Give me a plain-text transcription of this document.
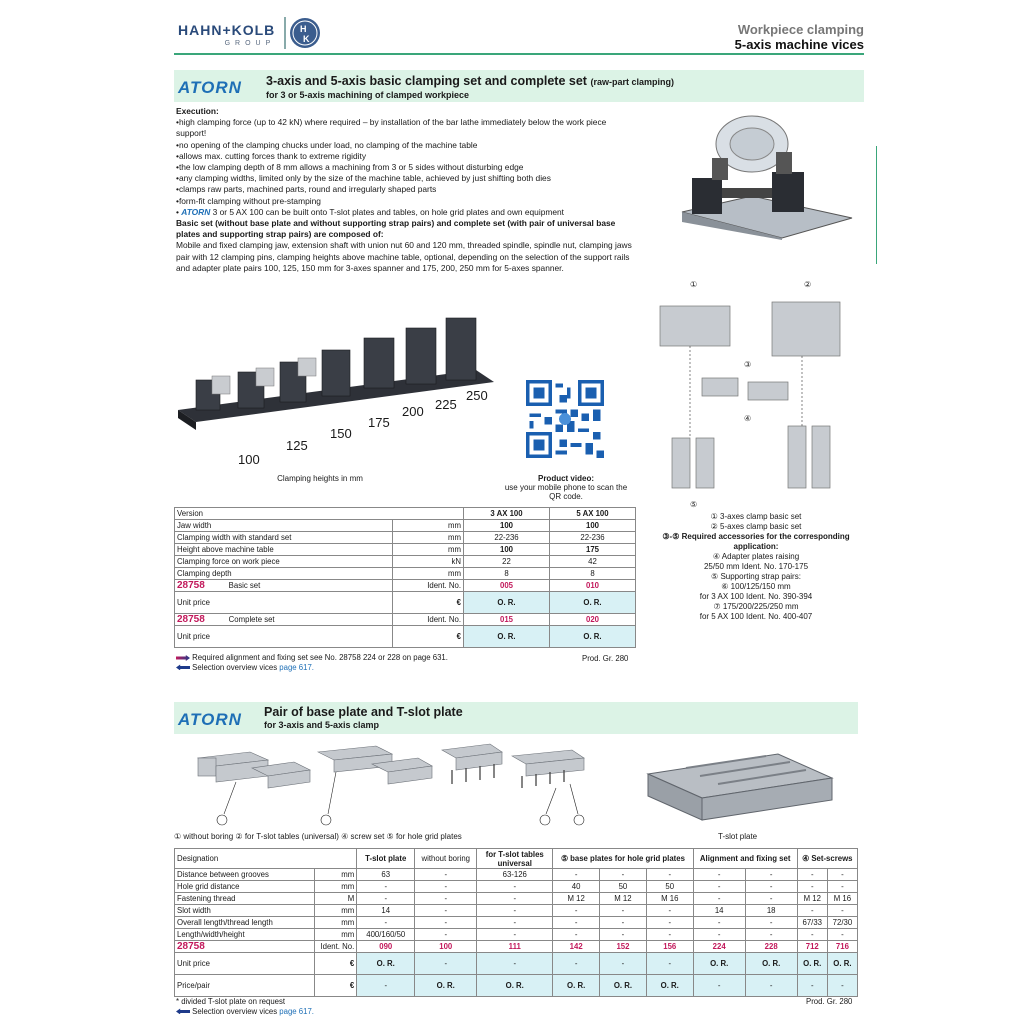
HAHN+KOLB
GROUP
H
K
Workpiece clamping
5-axis machine vices
ATORN 3-axis and 5-axis basic clamping set and complete set (raw-part clamping)
for 3 or 5-axis machining of clamped workpiece
Execution:
•high clamping force (up to 42 kN) where required – by installation of the bar lathe immediately below the work piece support!
•no opening of the clamping chucks under load, no clamping of the machine table
•allows max. cutting forces thank to extreme rigidity
•the low clamping depth of 8 mm allows a machining from 3 or 5 sides without disturbing edge
•any clamping widths, limited only by the size of the machine table, achieved by just shifting both dies
•clamps raw parts, machined parts, round and irregularly shaped parts
•form-fit clamping without pre-stamping
• ATORN 3 or 5 AX 100 can be built onto T-slot plates and tables, on hole grid plates and own equipment
Basic set (without base plate and without supporting strap pairs) and complete set (with pair of universal base plates and supporting strap pairs) are composed of:
Mobile and fixed clamping jaw, extension shaft with union nut 60 and 120 mm, threaded spindle, spindle nut, clamping jaws pair with 12 clamping pins, clamping heights above machine table, optional, depending on the selection of the support rails and adapter plate pairs 100, 125, 150 mm for 3-axes spanner and 175, 200, 250 mm for 5-axes spanner.
100
125
150
175
200 225
250
Clamping heights in mm	Product video:
use your mobile phone to scan the QR code.
①	②
③
④
⑤
① 3-axes clamp basic set
② 5-axes clamp basic set
③-⑤ Required accessories for the corresponding application:
④ Adapter plates raising
25/50 mm Ident. No. 170-175
⑤ Supporting strap pairs:
⑥ 100/125/150 mm
for 3 AX 100 Ident. No. 390-394
⑦ 175/200/225/250 mm
for 5 AX 100 Ident. No. 400-407
Version		3 AX 100	5 AX 100
Jaw width	mm	100	100
Clamping width with standard set	mm	22-236	22-236
Height above machine table	mm	100	175
Clamping force on work piece	kN	22	42
Clamping depth	mm	8	8
28758 Basic set	Ident. No.	005	010
Unit price	€	O. R.	O. R.
28758 Complete set	Ident. No.	015	020
Unit price	€	O. R.	O. R.
Required alignment and fixing set see No. 28758 224 or 228 on page 631.
Selection overview vices page 617.
Prod. Gr. 280
ATORN Pair of base plate and T-slot plate
for 3-axis and 5-axis clamp
① without boring ② for T-slot tables (universal) ④ screw set ⑤ for hole grid plates	T-slot plate
Designation		T-slot plate	without boring	for T-slot tables universal	⑤ base plates for hole grid plates			Alignment and fixing set		④ Set-screws	
Distance between grooves	mm	63	-	63-126	-	-	-	-	-	-	-
Hole grid distance	mm	-	-	-	40	50	50	-	-	-	-
Fastening thread	M	-	-	-	M 12	M 12	M 16	-	-	M 12	M 16
Slot width	mm	14	-	-	-	-	-	14	18	-	-
Overall length/thread length	mm	-	-	-	-	-	-	-	-	67/33	72/30
Length/width/height	mm	400/160/50	-	-	-	-	-	-	-	-	-
28758	Ident. No.	090	100	111	142	152	156	224	228	712	716
Unit price	€	O. R.	-	-	-	-	-	O. R.	O. R.	O. R.	O. R.
Price/pair	€	-	O. R.	O. R.	O. R.	O. R.	O. R.	-	-	-	-
* divided T-slot plate on request
Selection overview vices page 617.
Prod. Gr. 280
